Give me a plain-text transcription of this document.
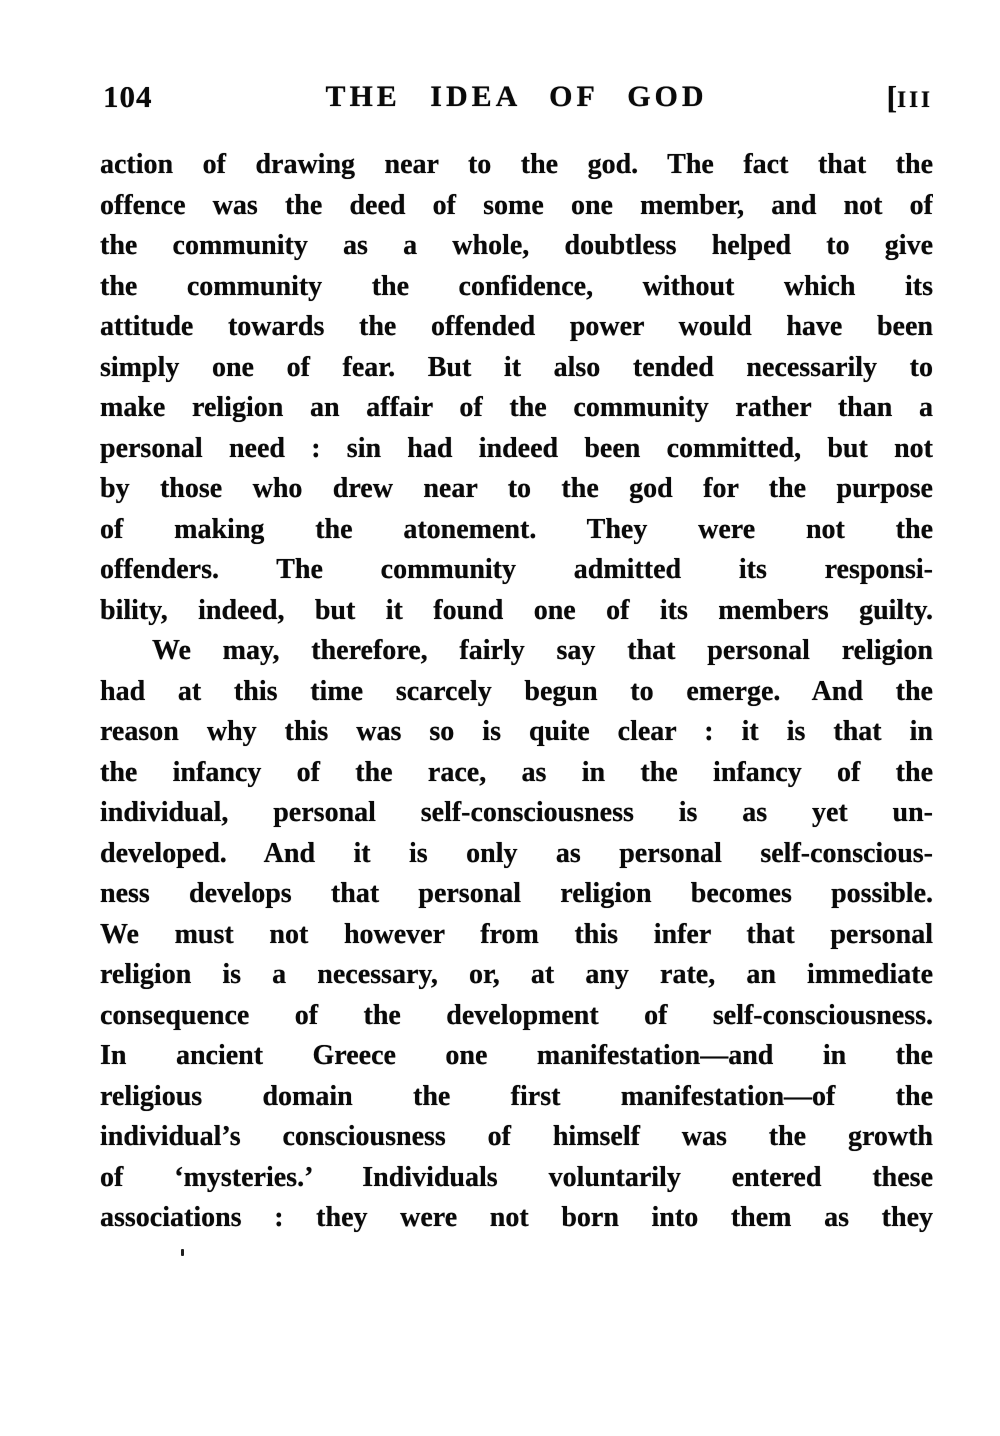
104	THE IDEA OF GOD	[III
action of drawing near to the god. The fact that the
offence was the deed of some one member, and not of
the community as a whole, doubtless helped to give
the community the confidence, without which its
attitude towards the offended power would have been
simply one of fear. But it also tended necessarily to
make religion an affair of the community rather than a
personal need : sin had indeed been committed, but not
by those who drew near to the god for the purpose
of making the atonement. They were not the
offenders. The community admitted its responsi-
bility, indeed, but it found one of its members guilty.
We may, therefore, fairly say that personal religion
had at this time scarcely begun to emerge. And the
reason why this was so is quite clear : it is that in
the infancy of the race, as in the infancy of the
individual, personal self-consciousness is as yet un-
developed. And it is only as personal self-conscious-
ness develops that personal religion becomes possible.
We must not however from this infer that personal
religion is a necessary, or, at any rate, an immediate
consequence of the development of self-consciousness.
In ancient Greece one manifestation—and in the
religious domain the first manifestation—of the
individual’s consciousness of himself was the growth
of ‘mysteries.’ Individuals voluntarily entered these
associations : they were not born into them as they
